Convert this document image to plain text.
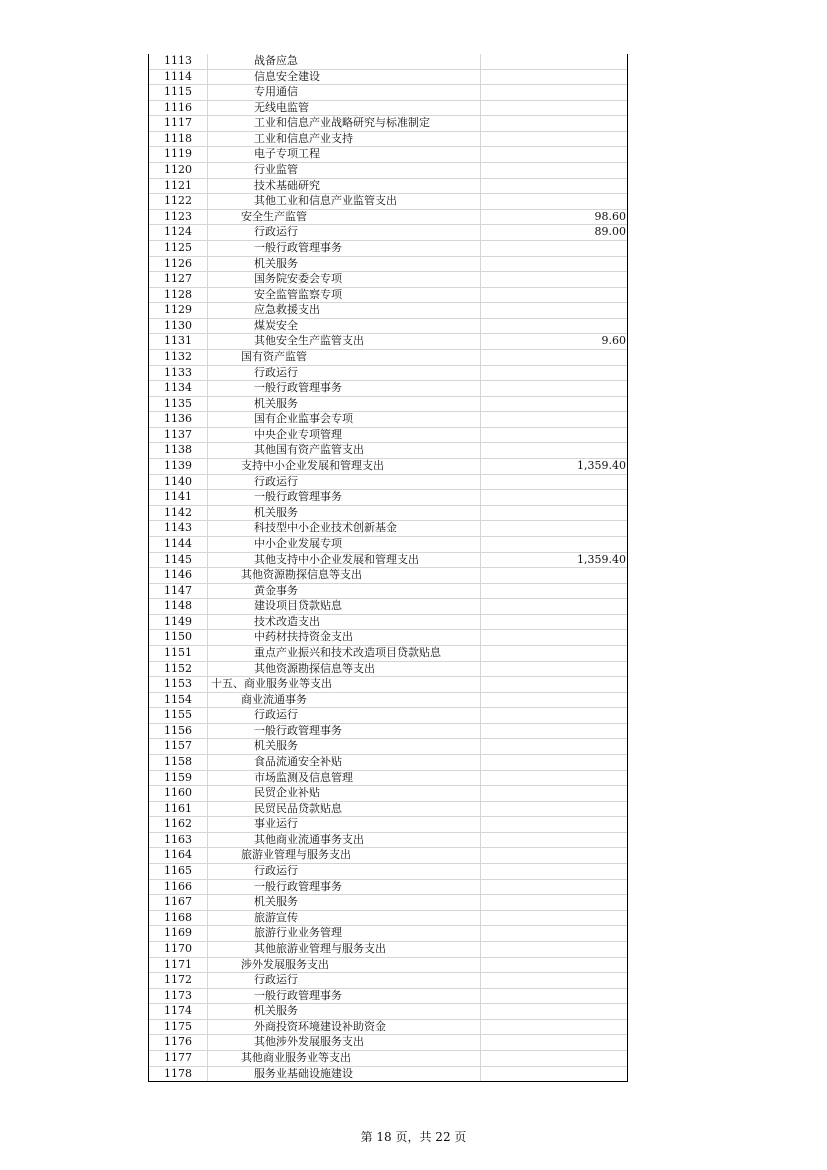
1113	战备应急
1114	信息安全建设
1115	专用通信
1116	无线电监管
1117	工业和信息产业战略研究与标准制定
1118	工业和信息产业支持
1119	电子专项工程
1120	行业监管
1121	技术基础研究
1122	其他工业和信息产业监管支出
1123	安全生产监管	98.60
1124	行政运行	89.00
1125	一般行政管理事务
1126	机关服务
1127	国务院安委会专项
1128	安全监管监察专项
1129	应急救援支出
1130	煤炭安全
1131	其他安全生产监管支出	9.60
1132	国有资产监管
1133	行政运行
1134	一般行政管理事务
1135	机关服务
1136	国有企业监事会专项
1137	中央企业专项管理
1138	其他国有资产监管支出
1139	支持中小企业发展和管理支出	1,359.40
1140	行政运行
1141	一般行政管理事务
1142	机关服务
1143	科技型中小企业技术创新基金
1144	中小企业发展专项
1145	其他支持中小企业发展和管理支出	1,359.40
1146	其他资源勘探信息等支出
1147	黄金事务
1148	建设项目贷款贴息
1149	技术改造支出
1150	中药材扶持资金支出
1151	重点产业振兴和技术改造项目贷款贴息
1152	其他资源勘探信息等支出
1153	十五、商业服务业等支出
1154	商业流通事务
1155	行政运行
1156	一般行政管理事务
1157	机关服务
1158	食品流通安全补贴
1159	市场监测及信息管理
1160	民贸企业补贴
1161	民贸民品贷款贴息
1162	事业运行
1163	其他商业流通事务支出
1164	旅游业管理与服务支出
1165	行政运行
1166	一般行政管理事务
1167	机关服务
1168	旅游宣传
1169	旅游行业业务管理
1170	其他旅游业管理与服务支出
1171	涉外发展服务支出
1172	行政运行
1173	一般行政管理事务
1174	机关服务
1175	外商投资环境建设补助资金
1176	其他涉外发展服务支出
1177	其他商业服务业等支出
1178	服务业基础设施建设
第 18 页，共 22 页
